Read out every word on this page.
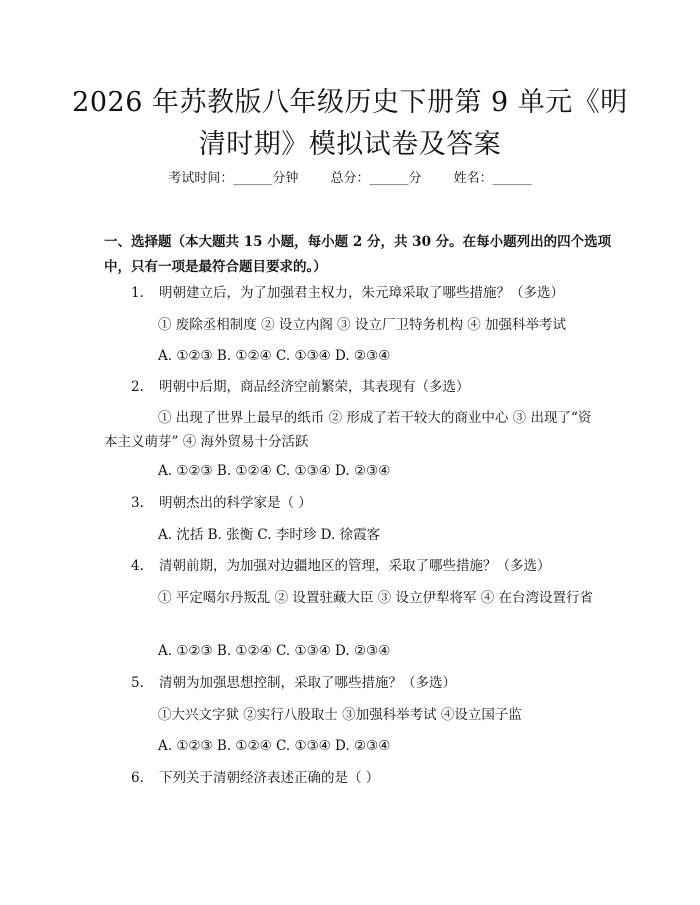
2026 年苏教版八年级历史下册第 9 单元《明清时期》模拟试卷及答案
考试时间：______分钟 总分：______分 姓名：______
一、选择题（本大题共 15 小题，每小题 2 分，共 30 分。在每小题列出的四个选项中，只有一项是最符合题目要求的。）
1. 明朝建立后，为了加强君主权力，朱元璋采取了哪些措施？（多选）
① 废除丞相制度 ② 设立内阁 ③ 设立厂卫特务机构 ④ 加强科举考试
A. ①②③ B. ①②④ C. ①③④ D. ②③④
2. 明朝中后期，商品经济空前繁荣，其表现有（多选）
① 出现了世界上最早的纸币 ② 形成了若干较大的商业中心 ③ 出现了“资本主义萌芽” ④ 海外贸易十分活跃
A. ①②③ B. ①②④ C. ①③④ D. ②③④
3. 明朝杰出的科学家是（ ）
A. 沈括 B. 张衡 C. 李时珍 D. 徐霞客
4. 清朝前期，为加强对边疆地区的管理，采取了哪些措施？（多选）
① 平定噶尔丹叛乱 ② 设置驻藏大臣 ③ 设立伊犁将军 ④ 在台湾设置行省
A. ①②③ B. ①②④ C. ①③④ D. ②③④
5. 清朝为加强思想控制，采取了哪些措施？（多选）
①大兴文字狱 ②实行八股取士 ③加强科举考试 ④设立国子监
A. ①②③ B. ①②④ C. ①③④ D. ②③④
6. 下列关于清朝经济表述正确的是（ ）
